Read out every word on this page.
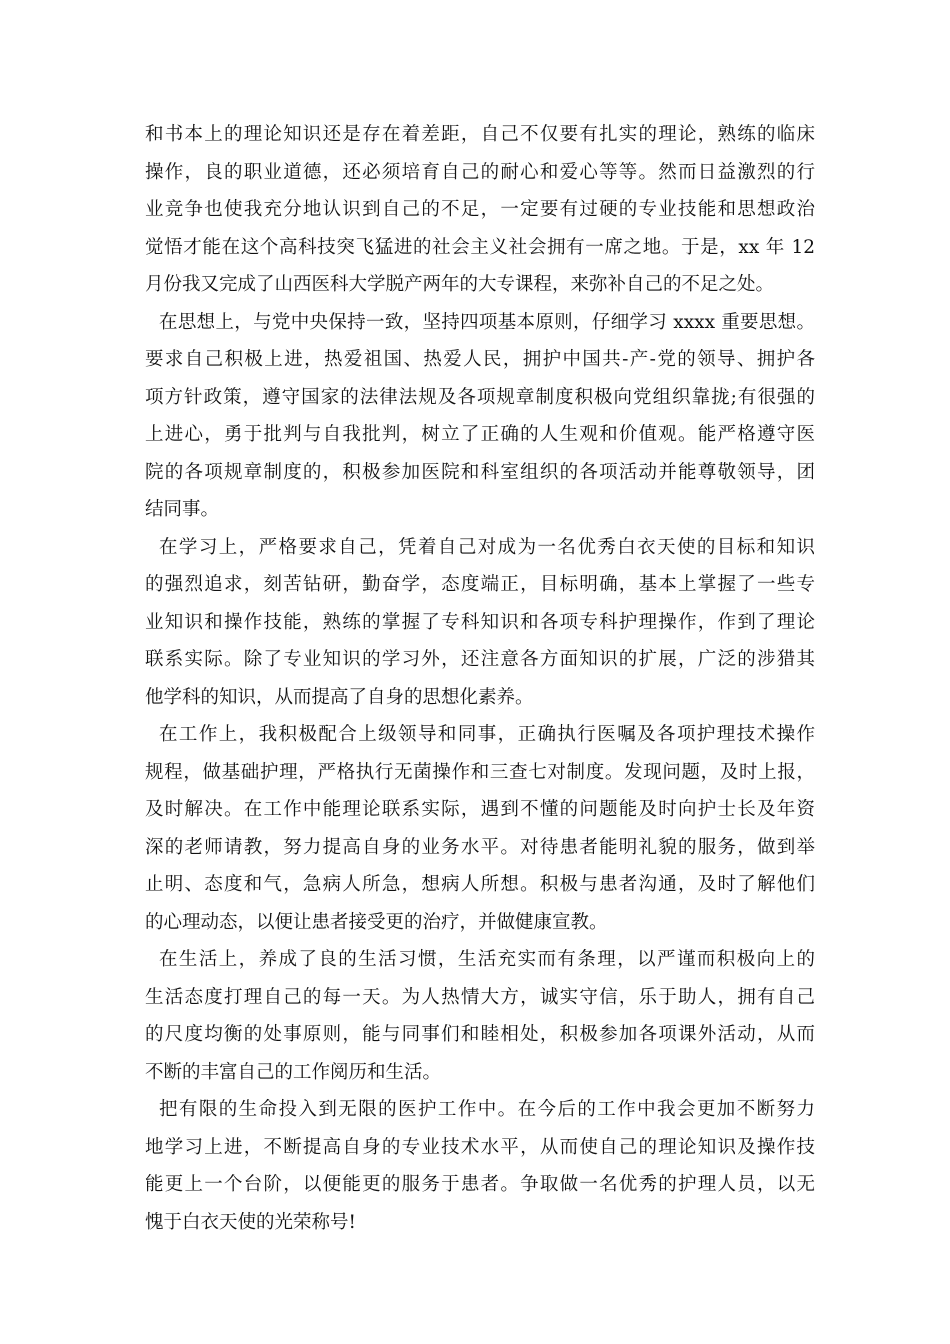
和书本上的理论知识还是存在着差距，自己不仅要有扎实的理论，熟练的临床
操作，良的职业道德，还必须培育自己的耐心和爱心等等。然而日益激烈的行
业竞争也使我充分地认识到自己的不足，一定要有过硬的专业技能和思想政治
觉悟才能在这个高科技突飞猛进的社会主义社会拥有一席之地。于是，xx 年 12
月份我又完成了山西医科大学脱产两年的大专课程，来弥补自己的不足之处。
在思想上，与党中央保持一致，坚持四项基本原则，仔细学习 xxxx 重要思想。
要求自己积极上进，热爱祖国、热爱人民，拥护中国共-产-党的领导、拥护各
项方针政策，遵守国家的法律法规及各项规章制度积极向党组织靠拢;有很强的
上进心，勇于批判与自我批判，树立了正确的人生观和价值观。能严格遵守医
院的各项规章制度的，积极参加医院和科室组织的各项活动并能尊敬领导，团
结同事。
在学习上，严格要求自己，凭着自己对成为一名优秀白衣天使的目标和知识
的强烈追求，刻苦钻研，勤奋学，态度端正，目标明确，基本上掌握了一些专
业知识和操作技能，熟练的掌握了专科知识和各项专科护理操作，作到了理论
联系实际。除了专业知识的学习外，还注意各方面知识的扩展，广泛的涉猎其
他学科的知识，从而提高了自身的思想化素养。
在工作上，我积极配合上级领导和同事，正确执行医嘱及各项护理技术操作
规程，做基础护理，严格执行无菌操作和三查七对制度。发现问题，及时上报，
及时解决。在工作中能理论联系实际，遇到不懂的问题能及时向护士长及年资
深的老师请教，努力提高自身的业务水平。对待患者能明礼貌的服务，做到举
止明、态度和气，急病人所急，想病人所想。积极与患者沟通，及时了解他们
的心理动态，以便让患者接受更的治疗，并做健康宣教。
在生活上，养成了良的生活习惯，生活充实而有条理，以严谨而积极向上的
生活态度打理自己的每一天。为人热情大方，诚实守信，乐于助人，拥有自己
的尺度均衡的处事原则，能与同事们和睦相处，积极参加各项课外活动，从而
不断的丰富自己的工作阅历和生活。
把有限的生命投入到无限的医护工作中。在今后的工作中我会更加不断努力
地学习上进，不断提高自身的专业技术水平，从而使自己的理论知识及操作技
能更上一个台阶，以便能更的服务于患者。争取做一名优秀的护理人员，以无
愧于白衣天使的光荣称号!
